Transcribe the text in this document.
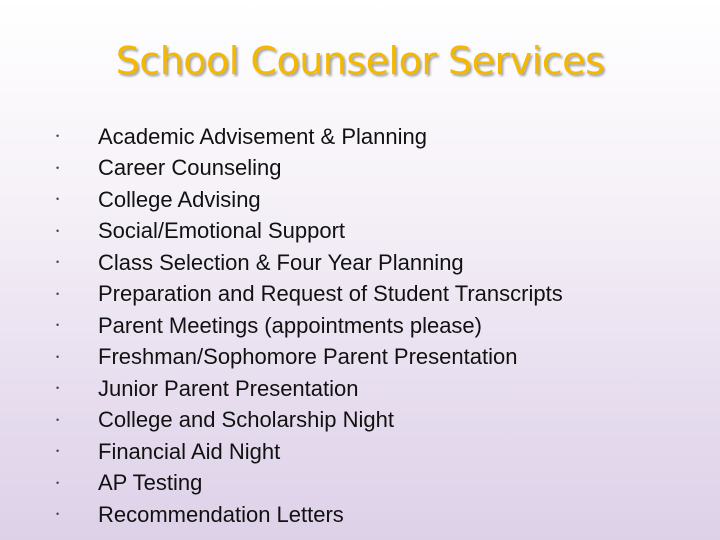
School Counselor Services
•	Academic Advisement & Planning
•	Career Counseling
•	College Advising
•	Social/Emotional Support
•	Class Selection & Four Year Planning
•	Preparation and Request of Student Transcripts
•	Parent Meetings (appointments please)
•	Freshman/Sophomore Parent Presentation
•	Junior Parent Presentation
•	College and Scholarship Night
•	Financial Aid Night
•	AP Testing
•	Recommendation Letters
